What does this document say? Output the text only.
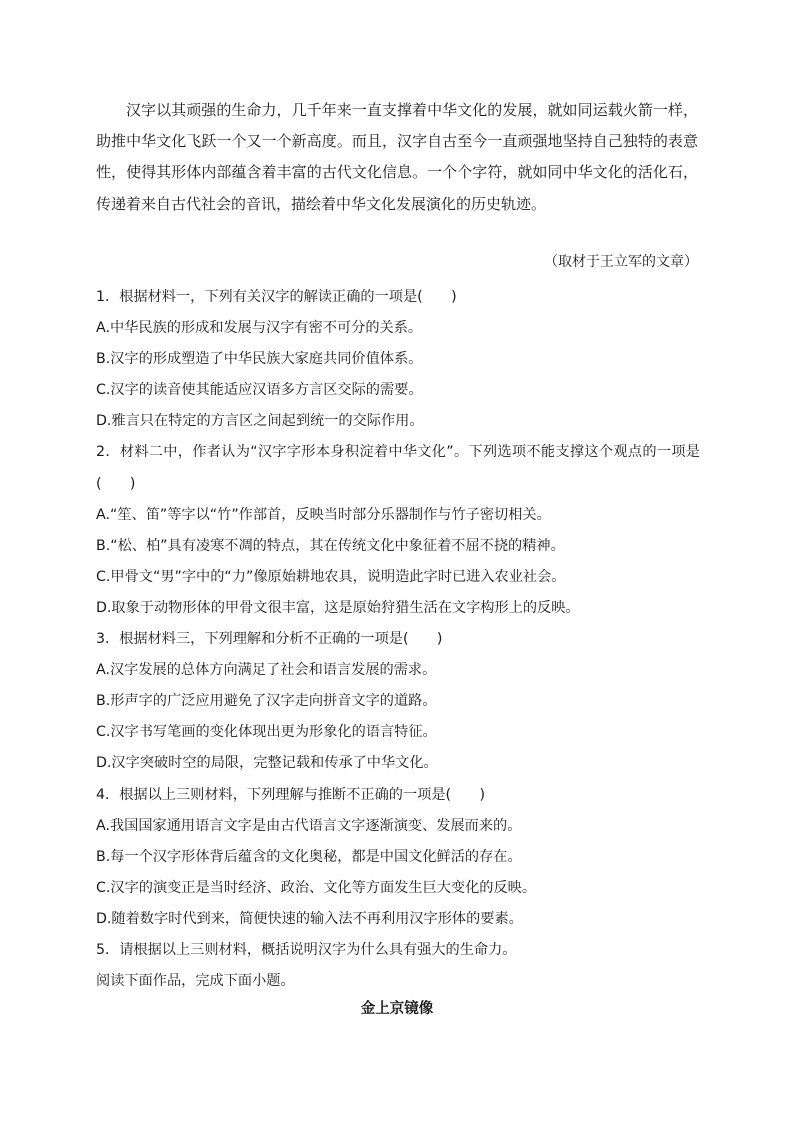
汉字以其顽强的生命力，几千年来一直支撑着中华文化的发展，就如同运载火箭一样，助推中华文化飞跃一个又一个新高度。而且，汉字自古至今一直顽强地坚持自己独特的表意性，使得其形体内部蕴含着丰富的古代文化信息。一个个字符，就如同中华文化的活化石，传递着来自古代社会的音讯，描绘着中华文化发展演化的历史轨迹。

（取材于王立军的文章）

1．根据材料一，下列有关汉字的解读正确的一项是(　　)

A.中华民族的形成和发展与汉字有密不可分的关系。

B.汉字的形成塑造了中华民族大家庭共同价值体系。

C.汉字的读音使其能适应汉语多方言区交际的需要。

D.雅言只在特定的方言区之间起到统一的交际作用。

2．材料二中，作者认为“汉字字形本身积淀着中华文化”。下列选项不能支撑这个观点的一项是(　　)

A.“笙、笛”等字以“竹”作部首，反映当时部分乐器制作与竹子密切相关。

B.“松、柏”具有凌寒不凋的特点，其在传统文化中象征着不屈不挠的精神。

C.甲骨文“男”字中的“力”像原始耕地农具，说明造此字时已进入农业社会。

D.取象于动物形体的甲骨文很丰富，这是原始狩猎生活在文字构形上的反映。

3．根据材料三，下列理解和分析不正确的一项是(　　)

A.汉字发展的总体方向满足了社会和语言发展的需求。

B.形声字的广泛应用避免了汉字走向拼音文字的道路。

C.汉字书写笔画的变化体现出更为形象化的语言特征。

D.汉字突破时空的局限，完整记载和传承了中华文化。

4．根据以上三则材料，下列理解与推断不正确的一项是(　　)

A.我国国家通用语言文字是由古代语言文字逐渐演变、发展而来的。

B.每一个汉字形体背后蕴含的文化奥秘，都是中国文化鲜活的存在。

C.汉字的演变正是当时经济、政治、文化等方面发生巨大变化的反映。

D.随着数字时代到来，简便快速的输入法不再利用汉字形体的要素。

5．请根据以上三则材料，概括说明汉字为什么具有强大的生命力。

阅读下面作品，完成下面小题。

金上京镜像
